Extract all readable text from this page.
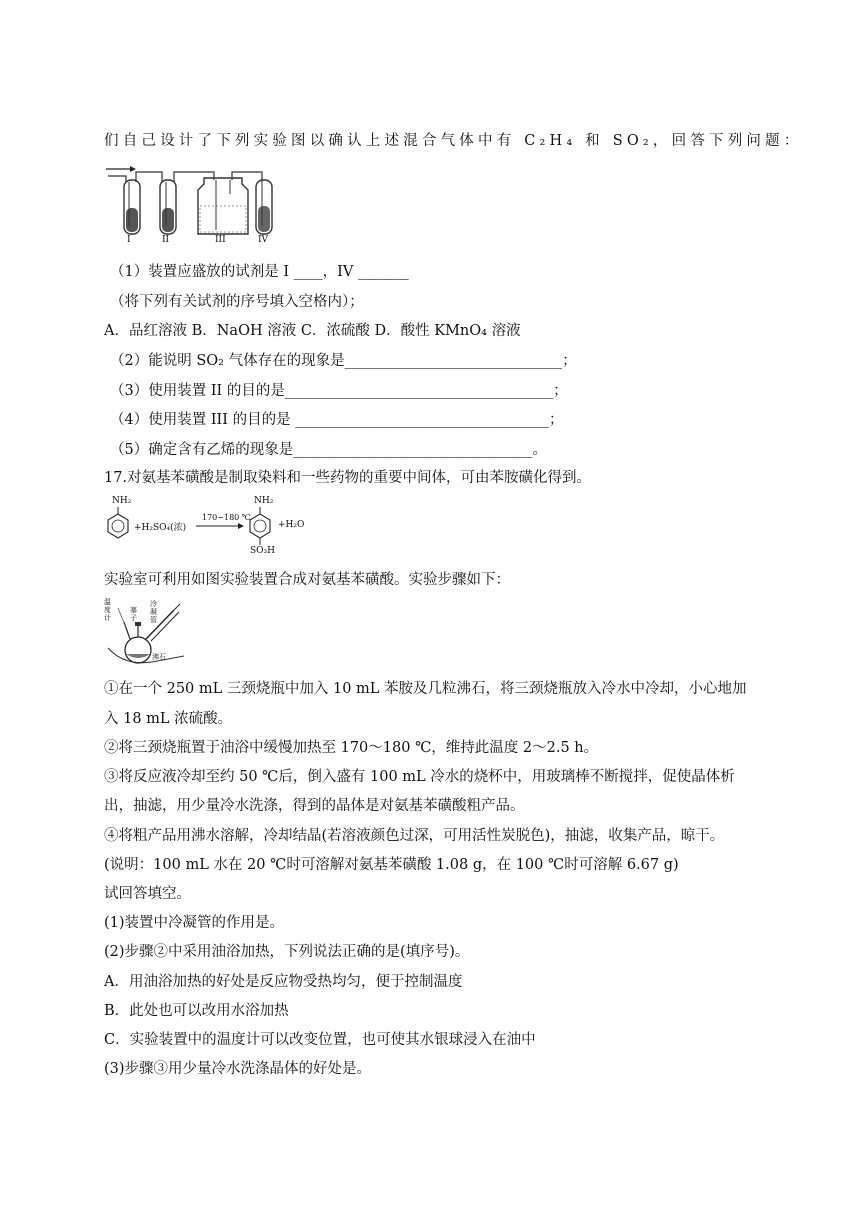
们自己设计了下列实验图以确认上述混合气体中有 C₂H₄ 和 SO₂，回答下列问题：
I	II	III	IV
（1）装置应盛放的试剂是 I ____，IV _______
（将下列有关试剂的序号填入空格内）；
A．品红溶液 B．NaOH 溶液 C．浓硫酸 D．酸性 KMnO₄ 溶液
（2）能说明 SO₂ 气体存在的现象是______________________________；
（3）使用装置 II 的目的是_____________________________________；
（4）使用装置 III 的目的是 ___________________________________；
（5）确定含有乙烯的现象是_________________________________。
17.对氨基苯磺酸是制取染料和一些药物的重要中间体，可由苯胺磺化得到。
NH₂
+H₂SO₄(浓)
170~180 ℃
NH₂
SO₃H
+H₂O
实验室可利用如图实验装置合成对氨基苯磺酸。实验步骤如下：
温度计
塞子
冷凝管
沸石
①在一个 250 mL 三颈烧瓶中加入 10 mL 苯胺及几粒沸石，将三颈烧瓶放入冷水中冷却，小心地加
入 18 mL 浓硫酸。
②将三颈烧瓶置于油浴中缓慢加热至 170～180 ℃，维持此温度 2～2.5 h。
③将反应液冷却至约 50 ℃后，倒入盛有 100 mL 冷水的烧杯中，用玻璃棒不断搅拌，促使晶体析
出，抽滤，用少量冷水洗涤，得到的晶体是对氨基苯磺酸粗产品。
④将粗产品用沸水溶解，冷却结晶(若溶液颜色过深，可用活性炭脱色)，抽滤，收集产品，晾干。
(说明：100 mL 水在 20 ℃时可溶解对氨基苯磺酸 1.08 g，在 100 ℃时可溶解 6.67 g)
试回答填空。
(1)装置中冷凝管的作用是。
(2)步骤②中采用油浴加热，下列说法正确的是(填序号)。
A．用油浴加热的好处是反应物受热均匀，便于控制温度
B．此处也可以改用水浴加热
C．实验装置中的温度计可以改变位置，也可使其水银球浸入在油中
(3)步骤③用少量冷水洗涤晶体的好处是。
